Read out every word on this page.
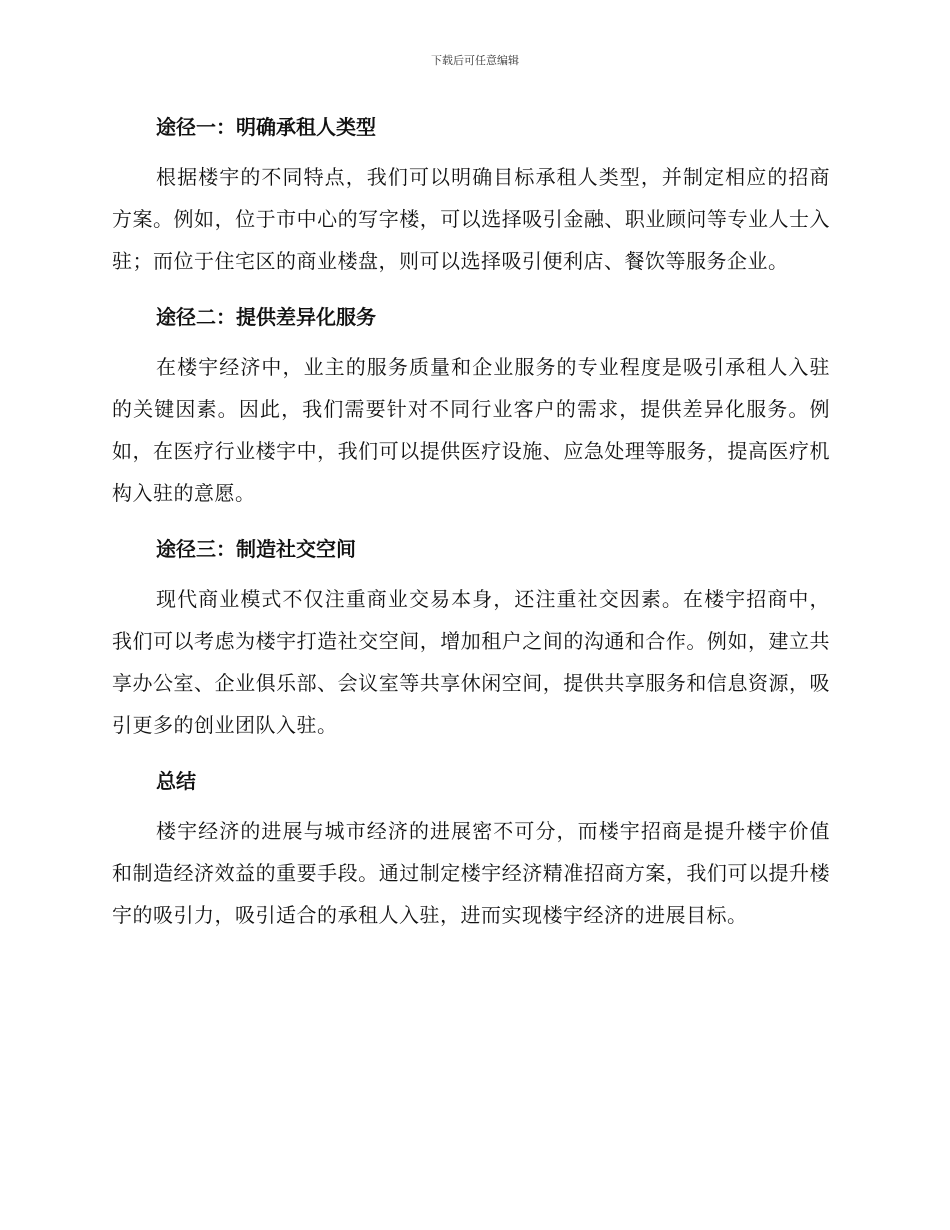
下载后可任意编辑
途径一：明确承租人类型

根据楼宇的不同特点，我们可以明确目标承租人类型，并制定相应的招商方案。例如，位于市中心的写字楼，可以选择吸引金融、职业顾问等专业人士入驻；而位于住宅区的商业楼盘，则可以选择吸引便利店、餐饮等服务企业。

途径二：提供差异化服务

在楼宇经济中，业主的服务质量和企业服务的专业程度是吸引承租人入驻的关键因素。因此，我们需要针对不同行业客户的需求，提供差异化服务。例如，在医疗行业楼宇中，我们可以提供医疗设施、应急处理等服务，提高医疗机构入驻的意愿。

途径三：制造社交空间

现代商业模式不仅注重商业交易本身，还注重社交因素。在楼宇招商中，我们可以考虑为楼宇打造社交空间，增加租户之间的沟通和合作。例如，建立共享办公室、企业俱乐部、会议室等共享休闲空间，提供共享服务和信息资源，吸引更多的创业团队入驻。

总结

楼宇经济的进展与城市经济的进展密不可分，而楼宇招商是提升楼宇价值和制造经济效益的重要手段。通过制定楼宇经济精准招商方案，我们可以提升楼宇的吸引力，吸引适合的承租人入驻，进而实现楼宇经济的进展目标。
